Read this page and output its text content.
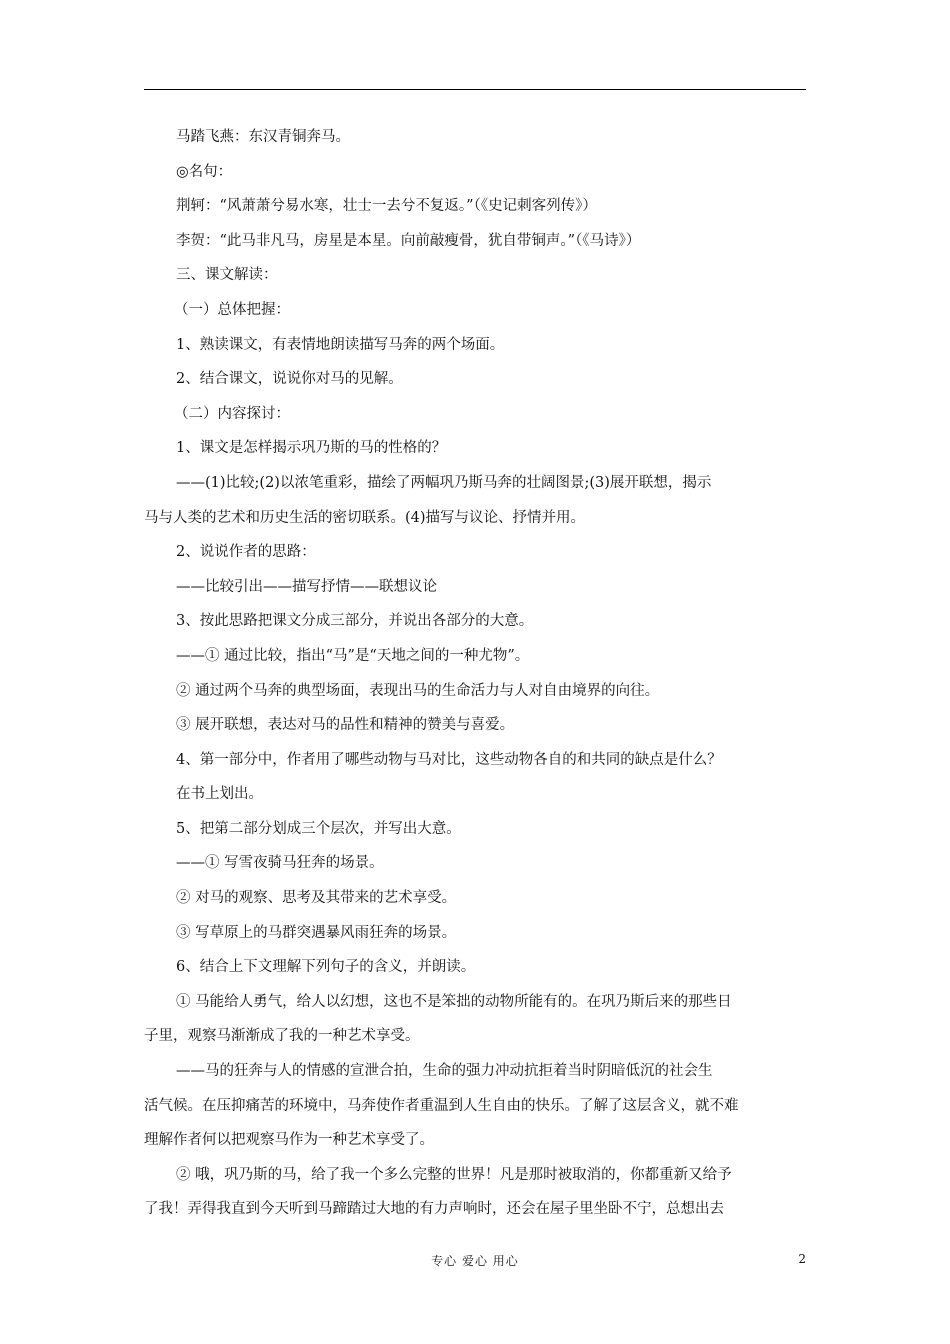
马踏飞燕：东汉青铜奔马。
◎名句：
荆轲：“风萧萧兮易水寒，壮士一去兮不复返。”（《史记刺客列传》）
李贺：“此马非凡马，房星是本星。向前敲瘦骨，犹自带铜声。”（《马诗》）
三、课文解读：
（一）总体把握：
1、熟读课文，有表情地朗读描写马奔的两个场面。
2、结合课文，说说你对马的见解。
（二）内容探讨：
1、课文是怎样揭示巩乃斯的马的性格的？
——(1)比较;(2)以浓笔重彩，描绘了两幅巩乃斯马奔的壮阔图景;(3)展开联想，揭示
马与人类的艺术和历史生活的密切联系。(4)描写与议论、抒情并用。
2、说说作者的思路：
——比较引出——描写抒情——联想议论
3、按此思路把课文分成三部分，并说出各部分的大意。
——① 通过比较，指出“马”是“天地之间的一种尤物”。
② 通过两个马奔的典型场面，表现出马的生命活力与人对自由境界的向往。
③ 展开联想，表达对马的品性和精神的赞美与喜爱。
4、第一部分中，作者用了哪些动物与马对比，这些动物各自的和共同的缺点是什么？
在书上划出。
5、把第二部分划成三个层次，并写出大意。
——① 写雪夜骑马狂奔的场景。
② 对马的观察、思考及其带来的艺术享受。
③ 写草原上的马群突遇暴风雨狂奔的场景。
6、结合上下文理解下列句子的含义，并朗读。
① 马能给人勇气，给人以幻想，这也不是笨拙的动物所能有的。在巩乃斯后来的那些日
子里，观察马渐渐成了我的一种艺术享受。
——马的狂奔与人的情感的宣泄合拍，生命的强力冲动抗拒着当时阴暗低沉的社会生
活气候。在压抑痛苦的环境中，马奔使作者重温到人生自由的快乐。了解了这层含义，就不难
理解作者何以把观察马作为一种艺术享受了。
② 哦，巩乃斯的马，给了我一个多么完整的世界！凡是那时被取消的，你都重新又给予
了我！弄得我直到今天听到马蹄踏过大地的有力声响时，还会在屋子里坐卧不宁，总想出去
专心 爱心 用心	2
